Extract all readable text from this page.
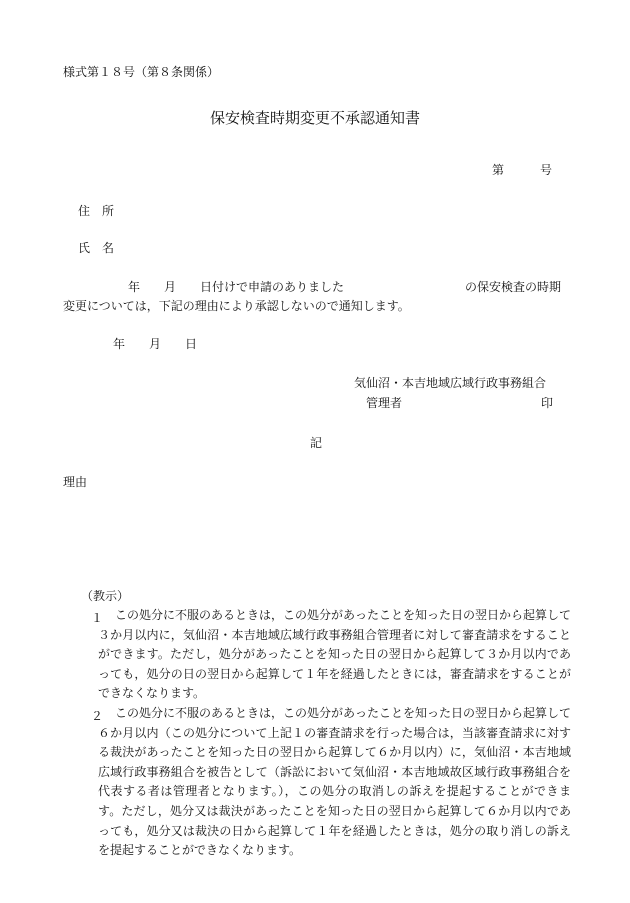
様式第１８号（第８条関係）
保安検査時期変更不承認通知書
第　　　号
住　所
氏　名
年　　月　　日付けで申請のありました	の保安検査の時期
変更については，下記の理由により承認しないので通知します。
年　　月　　日
気仙沼・本吉地域広域行政事務組合
管理者	印
記
理由
（教示）
１ この処分に不服のあるときは，この処分があったことを知った日の翌日から起算して３か月以内に，気仙沼・本吉地域広域行政事務組合管理者に対して審査請求をすることができます。ただし，処分があったことを知った日の翌日から起算して３か月以内であっても，処分の日の翌日から起算して１年を経過したときには，審査請求をすることができなくなります。
２ この処分に不服のあるときは，この処分があったことを知った日の翌日から起算して６か月以内（この処分について上記１の審査請求を行った場合は，当該審査請求に対する裁決があったことを知った日の翌日から起算して６か月以内）に，気仙沼・本吉地域広域行政事務組合を被告として（訴訟において気仙沼・本吉地域故区域行政事務組合を代表する者は管理者となります。），この処分の取消しの訴えを提起することができます。ただし，処分又は裁決があったことを知った日の翌日から起算して６か月以内であっても，処分又は裁決の日から起算して１年を経過したときは，処分の取り消しの訴えを提起することができなくなります。
